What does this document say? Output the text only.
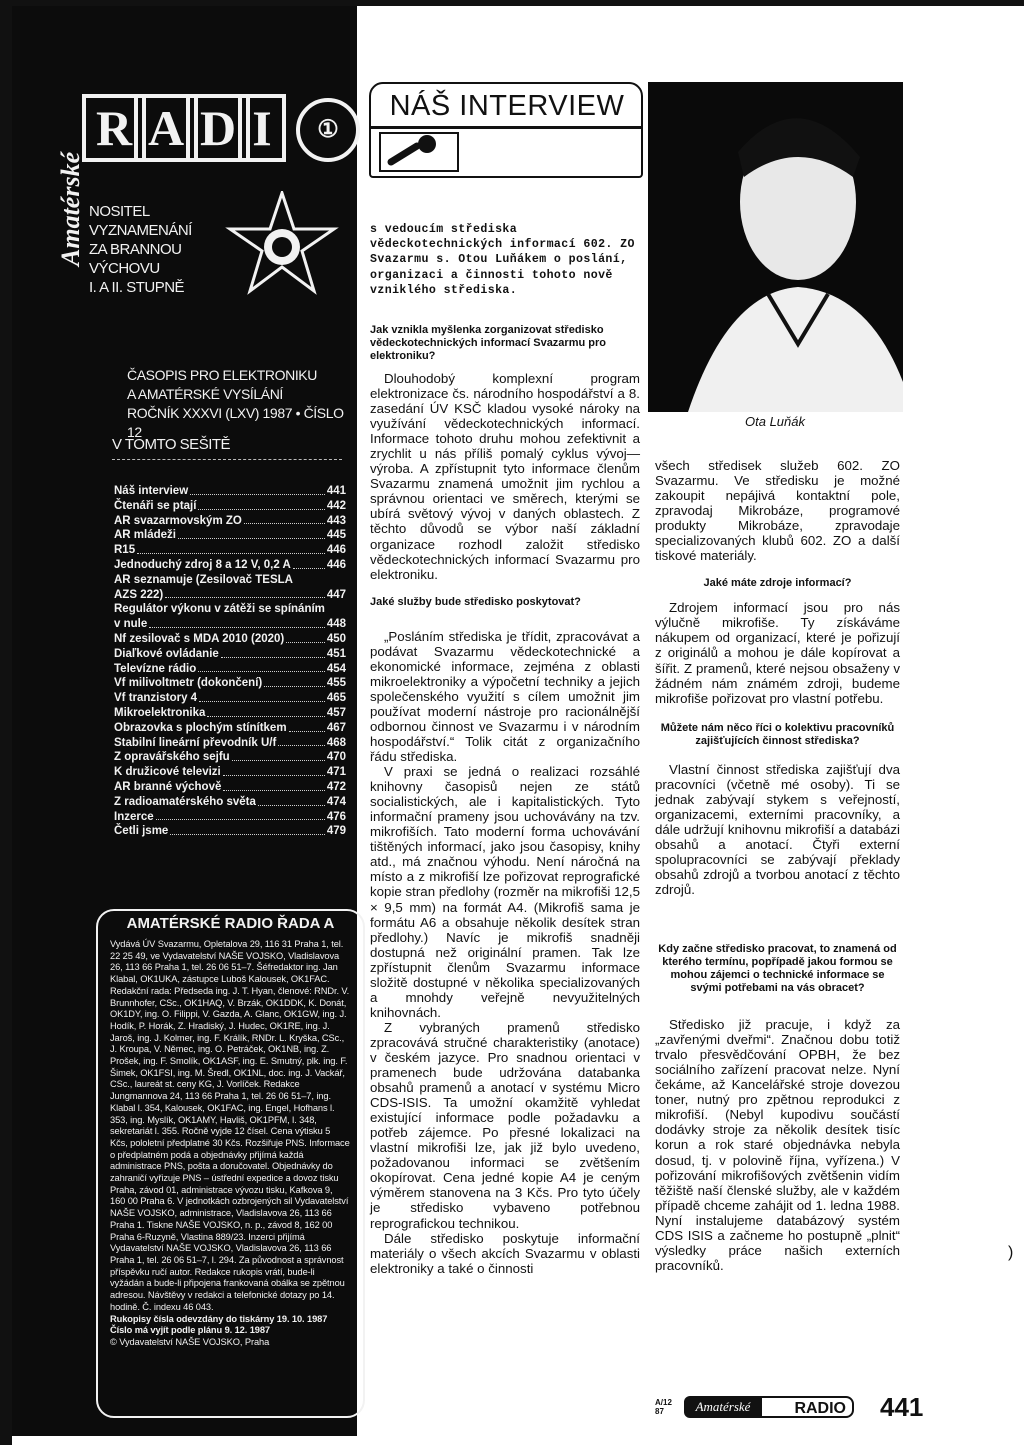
Amatérské
R A D I	①
NOSITEL
VYZNAMENÁNÍ
ZA BRANNOU
VÝCHOVU
I. A II. STUPNĚ
ČASOPIS PRO ELEKTRONIKU
A AMATÉRSKÉ VYSÍLÁNÍ
ROČNÍK XXXVI (LXV) 1987 • ČÍSLO 12
V TOMTO SEŠITĚ
Náš interview	441
Čtenáři se ptají	442
AR svazarmovským ZO	443
AR mládeži	445
R15	446
Jednoduchý zdroj 8 a 12 V, 0,2 A	446
AR seznamuje (Zesilovač TESLA
AZS 222)	447
Regulátor výkonu v zátěži se spínáním
v nule	448
Nf zesilovač s MDA 2010 (2020)	450
Diaľkové ovládanie	451
Televízne rádio	454
Vf milivoltmetr (dokončení)	455
Vf tranzistory 4	465
Mikroelektronika	457
Obrazovka s plochým stínítkem	467
Stabilní lineární převodník U/f	468
Z opravářského sejfu	470
K družicové televizi	471
AR branné výchově	472
Z radioamatérského světa	474
Inzerce	476
Četli jsme	479
AMATÉRSKÉ RADIO ŘADA A
Vydává ÚV Svazarmu, Opletalova 29, 116 31 Praha 1, tel. 22 25 49, ve Vydavatelství NAŠE VOJSKO, Vladislavova 26, 113 66 Praha 1, tel. 26 06 51–7. Šéfredaktor ing. Jan Klabal, OK1UKA, zástupce Luboš Kalousek, OK1FAC. Redakční rada: Předseda ing. J. T. Hyan, členové: RNDr. V. Brunnhofer, CSc., OK1HAQ, V. Brzák, OK1DDK, K. Donát, OK1DY, ing. O. Filippi, V. Gazda, A. Glanc, OK1GW, ing. J. Hodík, P. Horák, Z. Hradiský, J. Hudec, OK1RE, ing. J. Jaroš, ing. J. Kolmer, ing. F. Králík, RNDr. L. Kryška, CSc., J. Kroupa, V. Němec, ing. O. Petráček, OK1NB, ing. Z. Prošek, ing. F. Smolík, OK1ASF, ing. E. Smutný, plk. ing. F. Šimek, OK1FSI, ing. M. Šredl, OK1NL, doc. ing. J. Vackář, CSc., laureát st. ceny KG, J. Vorlíček. Redakce Jungmannova 24, 113 66 Praha 1, tel. 26 06 51–7, ing. Klabal l. 354, Kalousek, OK1FAC, ing. Engel, Hofhans l. 353, ing. Myslík, OK1AMY, Havliš, OK1PFM, l. 348, sekretariát l. 355. Ročně vyjde 12 čísel. Cena výtisku 5 Kčs, pololetní předplatné 30 Kčs. Rozšiřuje PNS. Informace o předplatném podá a objednávky přijímá každá administrace PNS, pošta a doručovatel. Objednávky do zahraničí vyřizuje PNS – ústřední expedice a dovoz tisku Praha, závod 01, administrace vývozu tisku, Kafkova 9, 160 00 Praha 6. V jednotkách ozbrojených sil Vydavatelství NAŠE VOJSKO, administrace, Vladislavova 26, 113 66 Praha 1. Tiskne NAŠE VOJSKO, n. p., závod 8, 162 00 Praha 6-Ruzyně, Vlastina 889/23. Inzerci přijímá Vydavatelství NAŠE VOJSKO, Vladislavova 26, 113 66 Praha 1, tel. 26 06 51–7, l. 294. Za původnost a správnost příspěvku ručí autor. Redakce rukopis vrátí, bude-li vyžádán a bude-li připojena frankovaná obálka se zpětnou adresou. Návštěvy v redakci a telefonické dotazy po 14. hodině. Č. indexu 46 043.
Rukopisy čísla odevzdány do tiskárny 19. 10. 1987
Číslo má vyjít podle plánu 9. 12. 1987
© Vydavatelství NAŠE VOJSKO, Praha
NÁŠ INTERVIEW
Ota Luňák

s vedoucím střediska vědeckotechnických informací 602. ZO Svazarmu s. Otou Luňákem o poslání, organizaci a činnosti tohoto nově vzniklého střediska.

Jak vznikla myšlenka zorganizovat středisko vědeckotechnických informací Svazarmu pro elektroniku?

Dlouhodobý komplexní program elektronizace čs. národního hospodářství a 8. zasedání ÚV KSČ kladou vysoké nároky na využívání vědeckotechnických informací. Informace tohoto druhu mohou zefektivnit a zrychlit u nás příliš pomalý cyklus vývoj—výroba. A zpřístupnit tyto informace členům Svazarmu znamená umožnit jim rychlou a správnou orientaci ve směrech, kterými se ubírá světový vývoj v daných oblastech. Z těchto důvodů se výbor naší základní organizace rozhodl založit středisko vědeckotechnických informací Svazarmu pro elektroniku.

Jaké služby bude středisko poskytovat?

„Posláním střediska je třídit, zpracovávat a podávat Svazarmu vědeckotechnické a ekonomické informace, zejména z oblasti mikroelektroniky a výpočetní techniky a jejich společenského využití s cílem umožnit jim používat moderní nástroje pro racionálnější odbornou činnost ve Svazarmu i v národním hospodářství.“ Tolik citát z organizačního řádu střediska.

V praxi se jedná o realizaci rozsáhlé knihovny časopisů nejen ze států socialistických, ale i kapitalistických. Tyto informační prameny jsou uchovávány na tzv. mikrofiších. Tato moderní forma uchovávání tištěných informací, jako jsou časopisy, knihy atd., má značnou výhodu. Není náročná na místo a z mikrofiší lze pořizovat reprografické kopie stran předlohy (rozměr na mikrofiši 12,5 × 9,5 mm) na formát A4. (Mikrofiš sama je formátu A6 a obsahuje několik desítek stran předlohy.) Navíc je mikrofiš snadněji dostupná než originální pramen. Tak lze zpřístupnit členům Svazarmu informace složitě dostupné v několika specializovaných a mnohdy veřejně nevyužitelných knihovnách.

Z vybraných pramenů středisko zpracovává stručné charakteristiky (anotace) v českém jazyce. Pro snadnou orientaci v pramenech bude udržována databanka obsahů pramenů a anotací v systému Micro CDS-ISIS. Ta umožní okamžitě vyhledat existující informace podle požadavku a potřeb zájemce. Po přesné lokalizaci na vlastní mikrofiši lze, jak již bylo uvedeno, požadovanou informaci se zvětšením okopírovat. Cena jedné kopie A4 je ceným výměrem stanovena na 3 Kčs. Pro tyto účely je středisko vybaveno potřebnou reprografickou technikou.

Dále středisko poskytuje informační materiály o všech akcích Svazarmu v oblasti elektroniky a také o činnosti

všech středisek služeb 602. ZO Svazarmu. Ve středisku je možné zakoupit nepájivá kontaktní pole, zpravodaj Mikrobáze, programové produkty Mikrobáze, zpravodaje specializovaných klubů 602. ZO a další tiskové materiály.

Jaké máte zdroje informací?

Zdrojem informací jsou pro nás výlučně mikrofiše. Ty získáváme nákupem od organizací, které je pořizují z originálů a mohou je dále kopírovat a šířit. Z pramenů, které nejsou obsaženy v žádném nám známém zdroji, budeme mikrofiše pořizovat pro vlastní potřebu.

Můžete nám něco říci o kolektivu pracovníků zajišťujících činnost střediska?

Vlastní činnost střediska zajišťují dva pracovníci (včetně mé osoby). Ti se jednak zabývají stykem s veřejností, organizacemi, externími pracovníky, a dále udržují knihovnu mikrofiší a databázi obsahů a anotací. Čtyři externí spolupracovníci se zabývají překlady obsahů zdrojů a tvorbou anotací z těchto zdrojů.

Kdy začne středisko pracovat, to znamená od kterého termínu, popřípadě jakou formou se mohou zájemci o technické informace se svými potřebami na vás obracet?

Středisko již pracuje, i když za „zavřenými dveřmi“. Značnou dobu totiž trvalo přesvědčování OPBH, že bez sociálního zařízení pracovat nelze. Nyní čekáme, až Kancelářské stroje dovezou toner, nutný pro zpětnou reprodukci z mikrofiší. (Nebyl kupodivu součástí dodávky stroje za několik desítek tisíc korun a rok staré objednávka nebyla dosud, tj. v polovině října, vyřízena.) V pořizování mikrofišových zvětšenin vidím těžiště naší členské služby, ale v každém případě chceme zahájit od 1. ledna 1988. Nyní instalujeme databázový systém CDS ISIS a začneme ho postupně „plnit“ výsledky práce našich externích pracovníků.

A/12
87	RADIO
Amatérské	441
)
